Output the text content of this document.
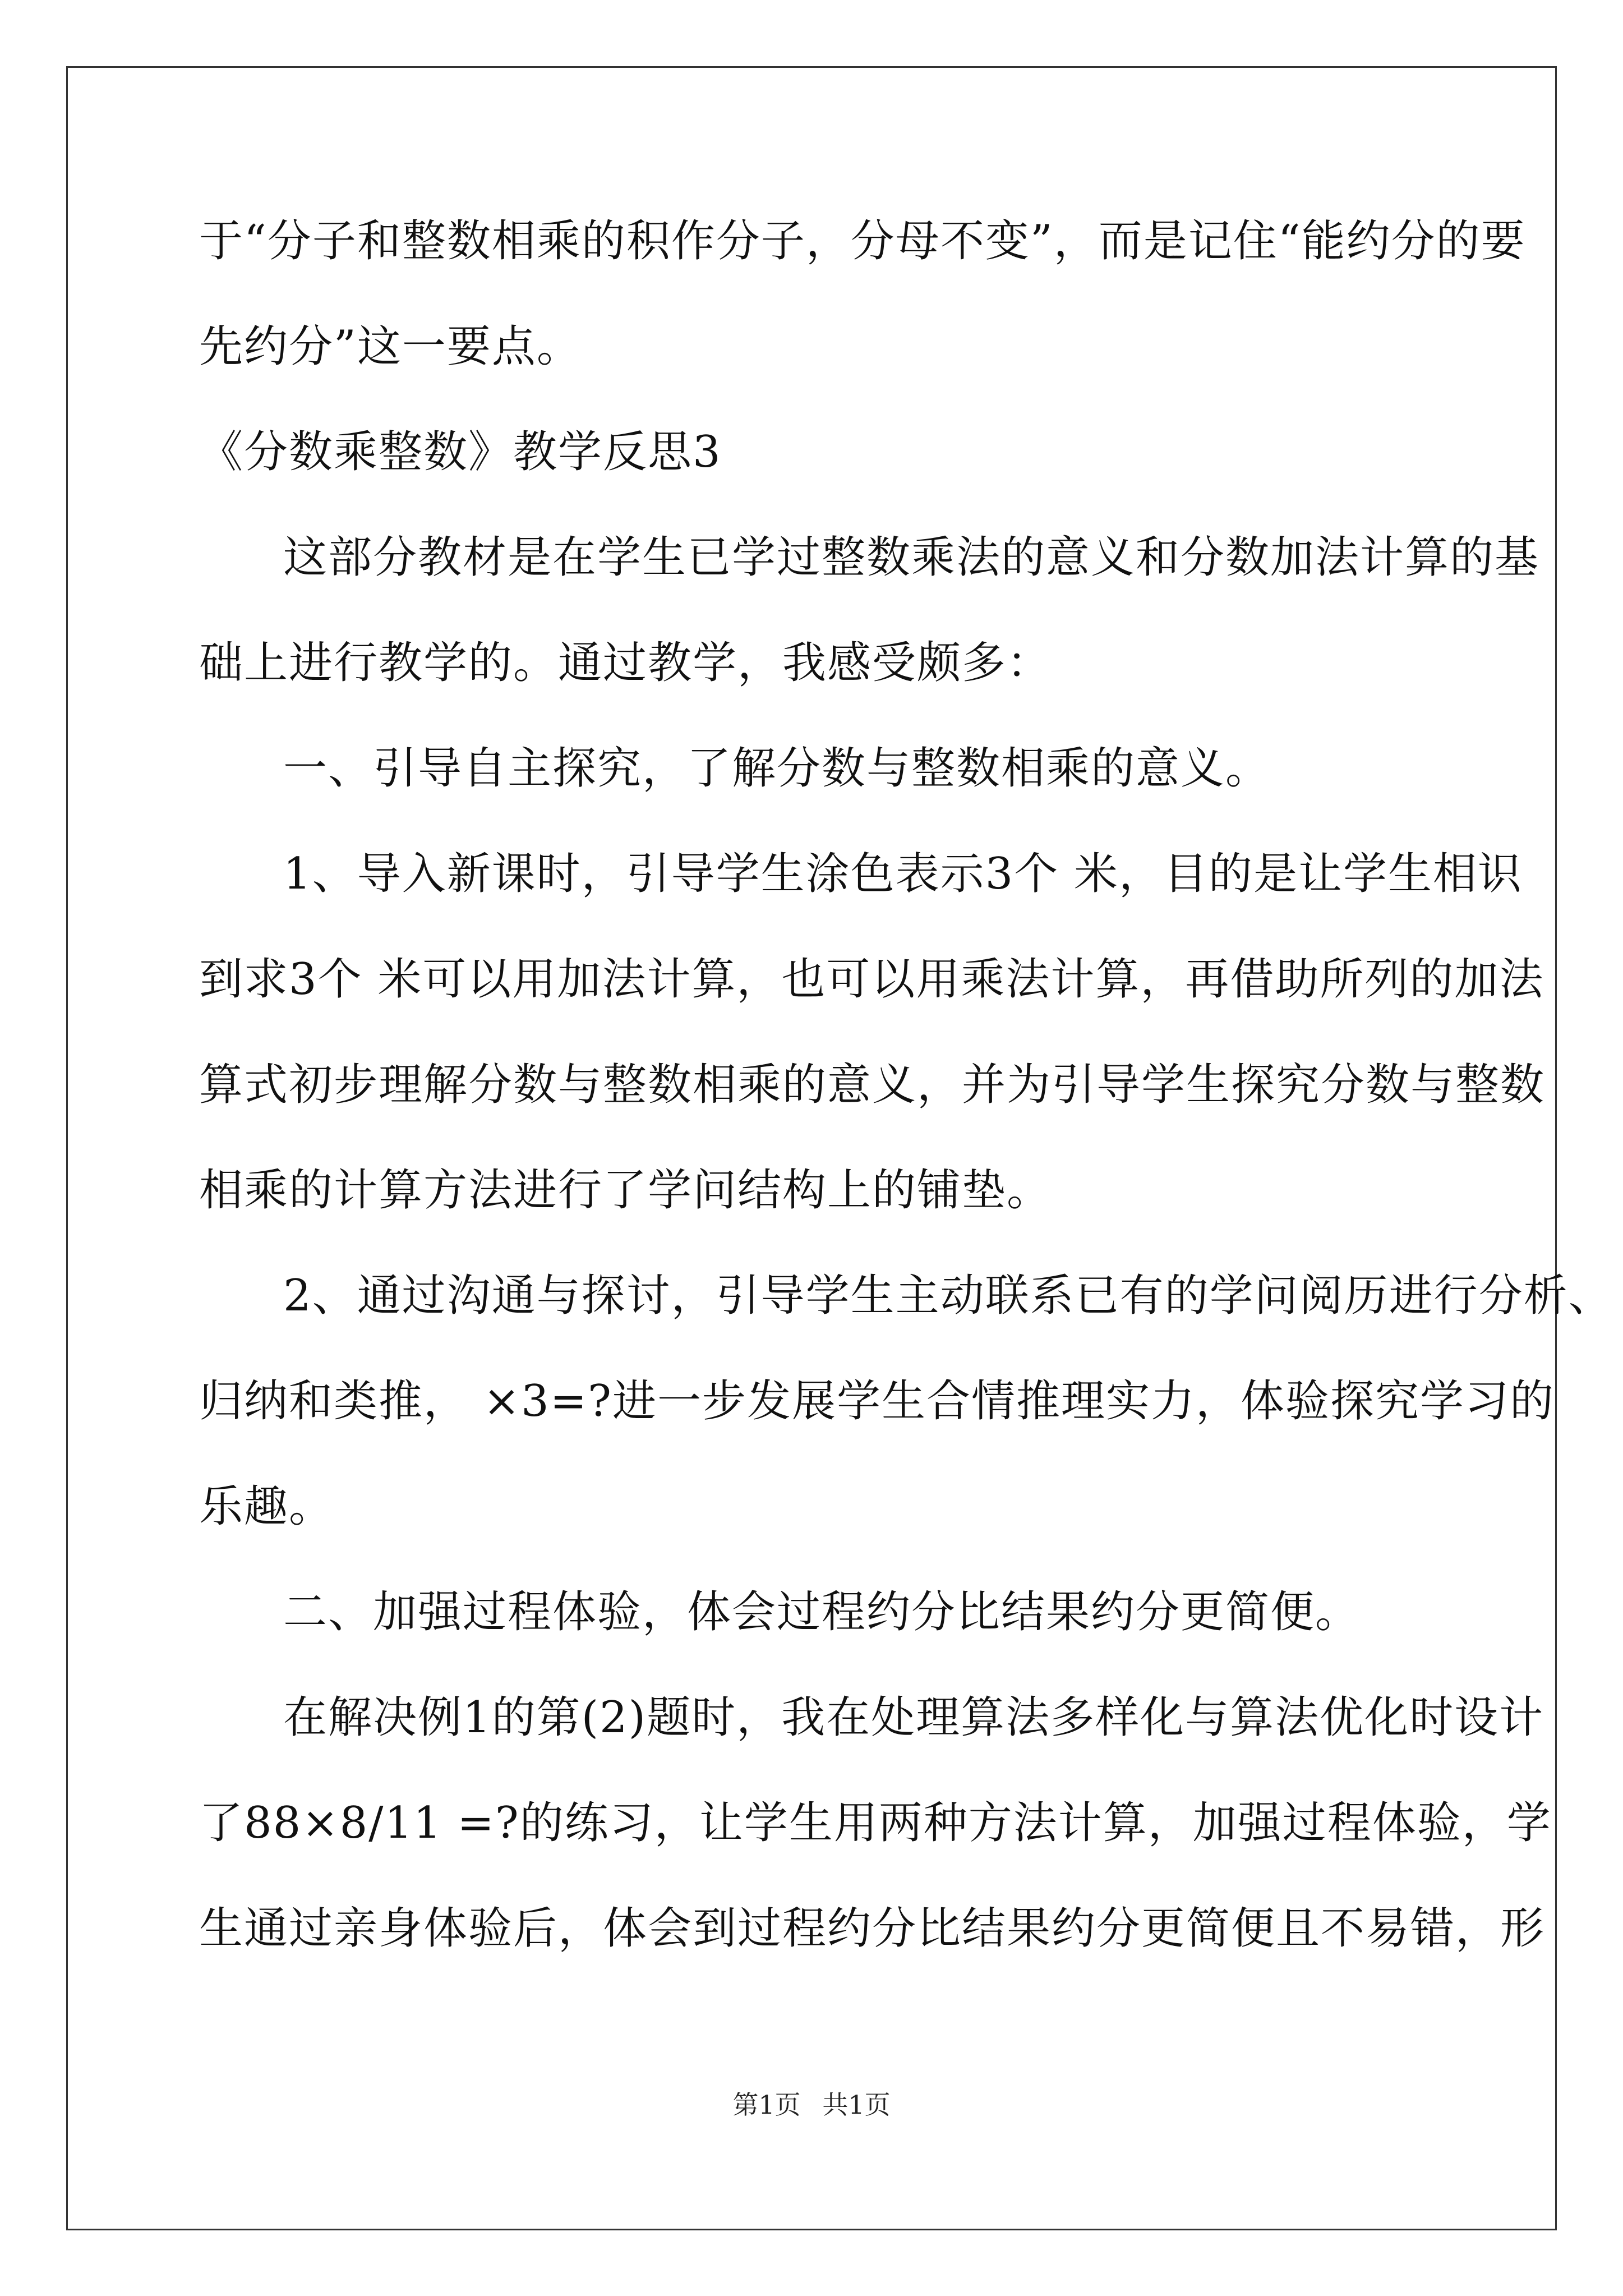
于“分子和整数相乘的积作分子，分母不变”，而是记住“能约分的要
先约分”这一要点。
《分数乘整数》教学反思3
这部分教材是在学生已学过整数乘法的意义和分数加法计算的基
础上进行教学的。通过教学，我感受颇多：
一、引导自主探究，了解分数与整数相乘的意义。
1、导入新课时，引导学生涂色表示3个 米，目的是让学生相识
到求3个 米可以用加法计算，也可以用乘法计算，再借助所列的加法
算式初步理解分数与整数相乘的意义，并为引导学生探究分数与整数
相乘的计算方法进行了学问结构上的铺垫。
2、通过沟通与探讨，引导学生主动联系已有的学问阅历进行分析、
归纳和类推， ×3=?进一步发展学生合情推理实力，体验探究学习的
乐趣。
二、加强过程体验，体会过程约分比结果约分更简便。
在解决例1的第(2)题时，我在处理算法多样化与算法优化时设计
了88×8/11 =?的练习，让学生用两种方法计算，加强过程体验，学
生通过亲身体验后，体会到过程约分比结果约分更简便且不易错，形
第1页 共1页
